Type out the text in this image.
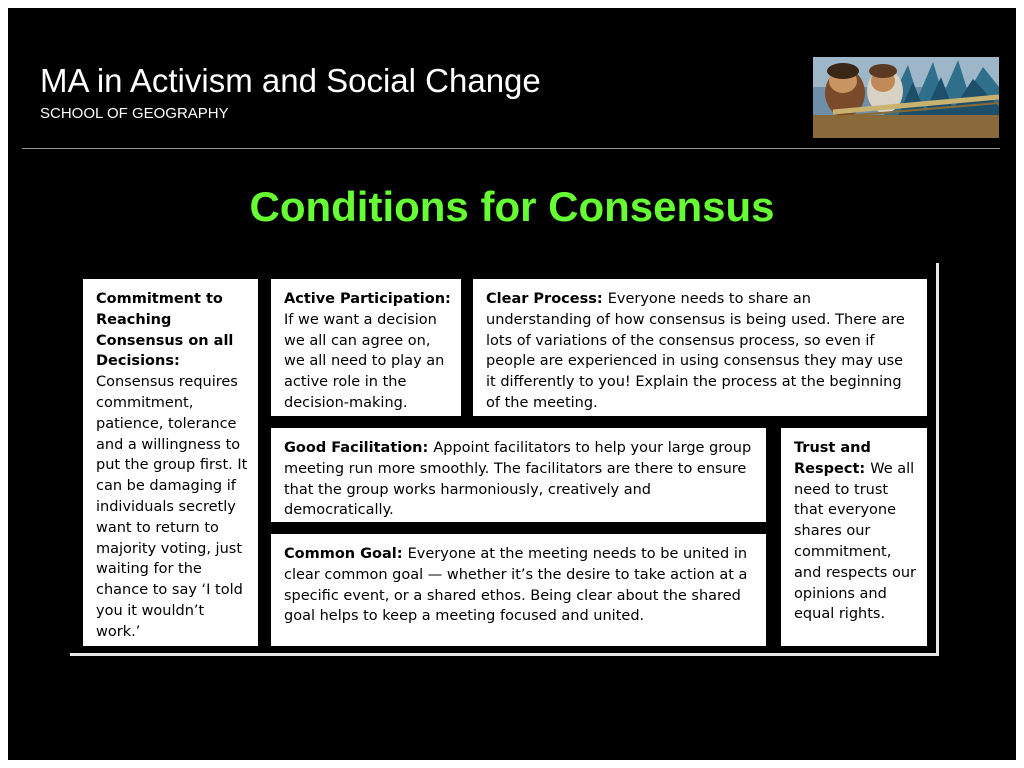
MA in Activism and Social Change
SCHOOL OF GEOGRAPHY
Conditions for Consensus
Commitment to Reaching Consensus on all Decisions: Consensus requires commitment, patience, tolerance and a willingness to put the group first. It can be damaging if individuals secretly want to return to majority voting, just waiting for the chance to say ‘I told you it wouldn’t work.’
Active Participation: If we want a decision we all can agree on, we all need to play an active role in the decision-making.
Clear Process: Everyone needs to share an understanding of how consensus is being used. There are lots of variations of the consensus process, so even if people are experienced in using consensus they may use it differently to you! Explain the process at the beginning of the meeting.
Good Facilitation: Appoint facilitators to help your large group meeting run more smoothly. The facilitators are there to ensure that the group works harmoniously, creatively and democratically.
Trust and Respect: We all need to trust that everyone shares our commitment, and respects our opinions and equal rights.
Common Goal: Everyone at the meeting needs to be united in clear common goal — whether it’s the desire to take action at a specific event, or a shared ethos. Being clear about the shared goal helps to keep a meeting focused and united.
